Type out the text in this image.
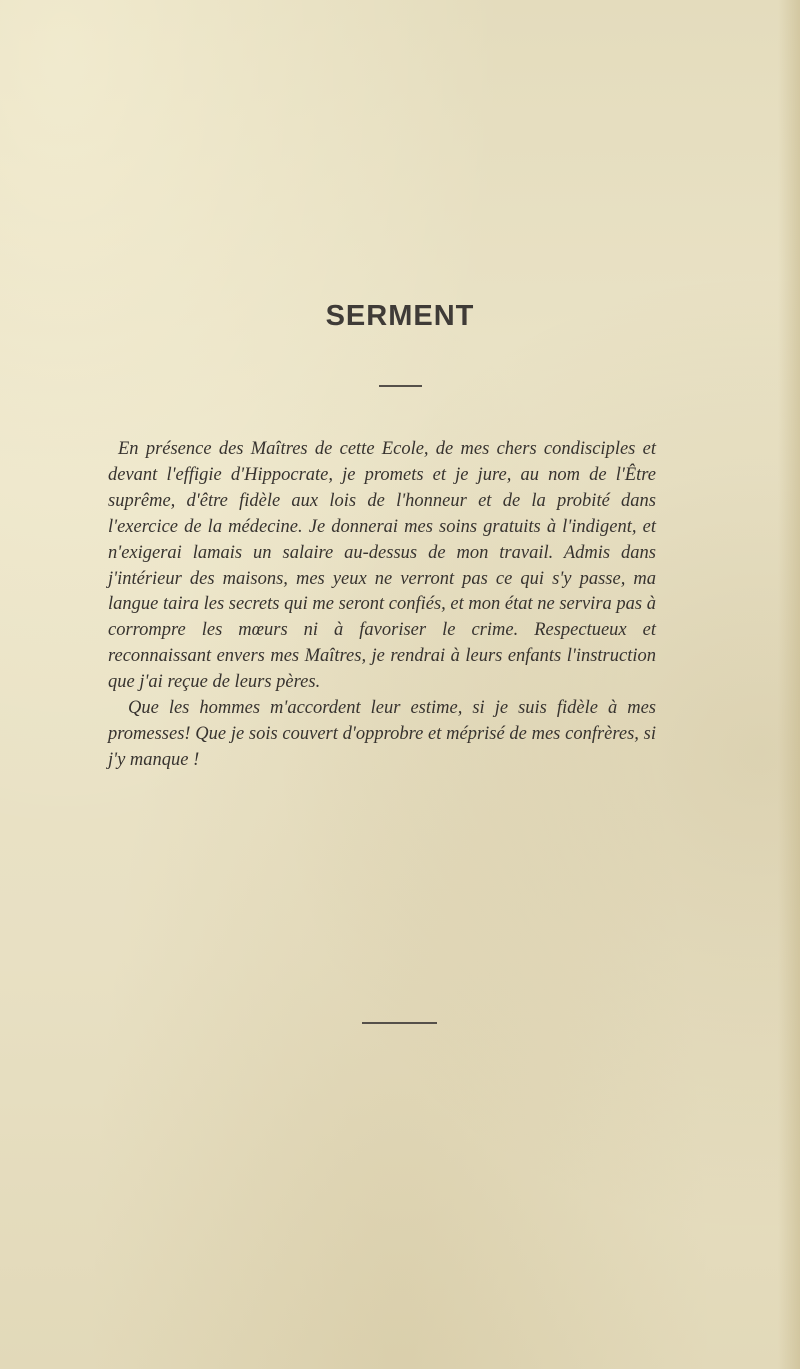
SERMENT

En présence des Maîtres de cette Ecole, de mes chers condisciples et devant l'effigie d'Hippocrate, je promets et je jure, au nom de l'Être suprême, d'être fidèle aux lois de l'honneur et de la probité dans l'exercice de la médecine. Je donnerai mes soins gratuits à l'indigent, et n'exigerai lamais un salaire au-dessus de mon travail. Admis dans j'intérieur des maisons, mes yeux ne verront pas ce qui s'y passe, ma langue taira les secrets qui me seront confiés, et mon état ne servira pas à corrompre les mœurs ni à favoriser le crime. Respectueux et reconnaissant envers mes Maîtres, je rendrai à leurs enfants l'instruction que j'ai reçue de leurs pères.

Que les hommes m'accordent leur estime, si je suis fidèle à mes promesses! Que je sois couvert d'opprobre et méprisé de mes confrères, si j'y manque !
